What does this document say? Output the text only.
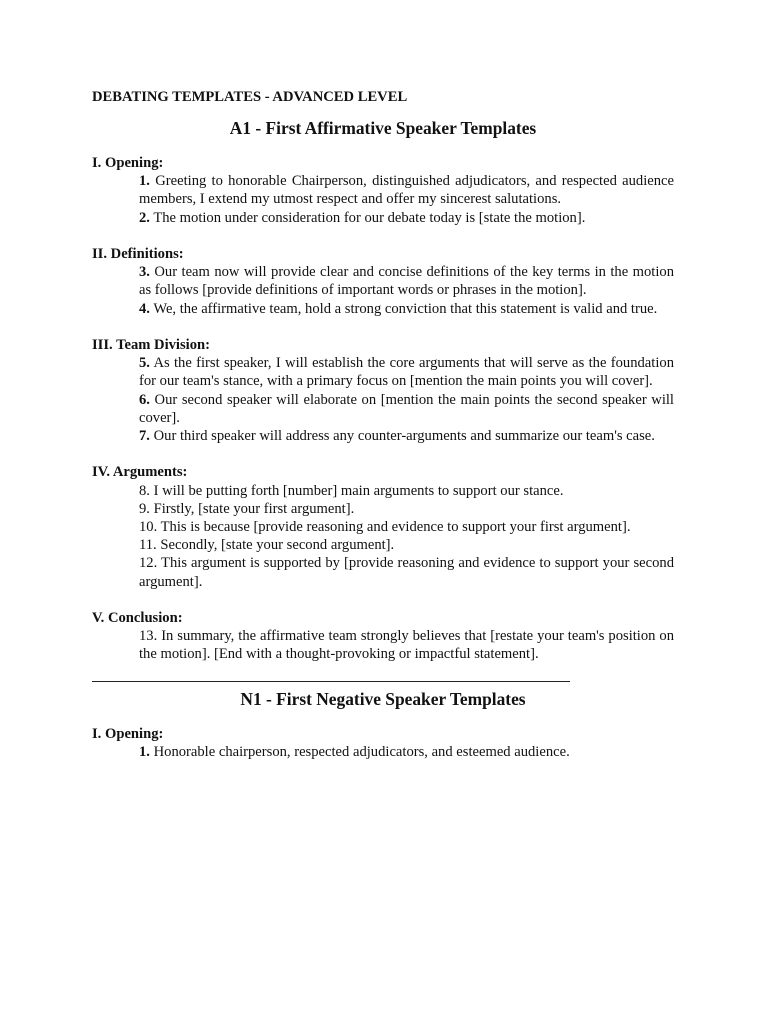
DEBATING TEMPLATES - ADVANCED LEVEL
A1 - First Affirmative Speaker Templates
I. Opening:
1. Greeting to honorable Chairperson, distinguished adjudicators, and respected audience members, I extend my utmost respect and offer my sincerest salutations.
2. The motion under consideration for our debate today is [state the motion].
II. Definitions:
3. Our team now will provide clear and concise definitions of the key terms in the motion as follows [provide definitions of important words or phrases in the motion].
4. We, the affirmative team, hold a strong conviction that this statement is valid and true.
III. Team Division:
5. As the first speaker, I will establish the core arguments that will serve as the foundation for our team's stance, with a primary focus on [mention the main points you will cover].
6. Our second speaker will elaborate on [mention the main points the second speaker will cover].
7. Our third speaker will address any counter-arguments and summarize our team's case.
IV. Arguments:
8. I will be putting forth [number] main arguments to support our stance.
9. Firstly, [state your first argument].
10. This is because [provide reasoning and evidence to support your first argument].
11. Secondly, [state your second argument].
12. This argument is supported by [provide reasoning and evidence to support your second argument].
V. Conclusion:
13. In summary, the affirmative team strongly believes that [restate your team's position on the motion]. [End with a thought-provoking or impactful statement].
N1 - First Negative Speaker Templates
I. Opening:
1. Honorable chairperson, respected adjudicators, and esteemed audience.
